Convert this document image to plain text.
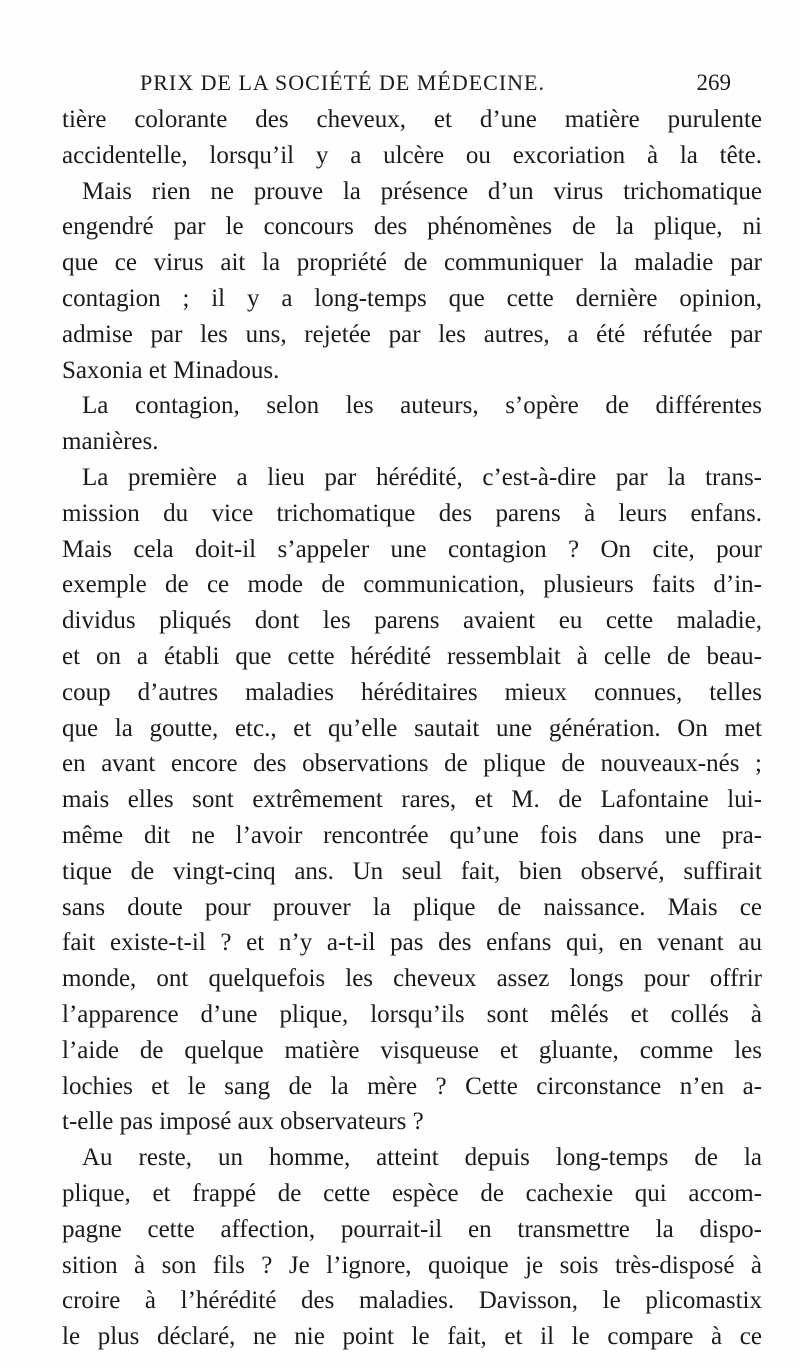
PRIX DE LA SOCIÉTÉ DE MÉDECINE.	269
tière colorante des cheveux, et d’une matière purulente
accidentelle, lorsqu’il y a ulcère ou excoriation à la tête.
Mais rien ne prouve la présence d’un virus trichomatique
engendré par le concours des phénomènes de la plique, ni
que ce virus ait la propriété de communiquer la maladie par
contagion ; il y a long-temps que cette dernière opinion,
admise par les uns, rejetée par les autres, a été réfutée par
Saxonia et Minadous.
La contagion, selon les auteurs, s’opère de différentes
manières.
La première a lieu par hérédité, c’est-à-dire par la trans-
mission du vice trichomatique des parens à leurs enfans.
Mais cela doit-il s’appeler une contagion ? On cite, pour
exemple de ce mode de communication, plusieurs faits d’in-
dividus pliqués dont les parens avaient eu cette maladie,
et on a établi que cette hérédité ressemblait à celle de beau-
coup d’autres maladies héréditaires mieux connues, telles
que la goutte, etc., et qu’elle sautait une génération. On met
en avant encore des observations de plique de nouveaux-nés ;
mais elles sont extrêmement rares, et M. de Lafontaine lui-
même dit ne l’avoir rencontrée qu’une fois dans une pra-
tique de vingt-cinq ans. Un seul fait, bien observé, suffirait
sans doute pour prouver la plique de naissance. Mais ce
fait existe-t-il ? et n’y a-t-il pas des enfans qui, en venant au
monde, ont quelquefois les cheveux assez longs pour offrir
l’apparence d’une plique, lorsqu’ils sont mêlés et collés à
l’aide de quelque matière visqueuse et gluante, comme les
lochies et le sang de la mère ? Cette circonstance n’en a-
t-elle pas imposé aux observateurs ?
Au reste, un homme, atteint depuis long-temps de la
plique, et frappé de cette espèce de cachexie qui accom-
pagne cette affection, pourrait-il en transmettre la dispo-
sition à son fils ? Je l’ignore, quoique je sois très-disposé à
croire à l’hérédité des maladies. Davisson, le plicomastix
le plus déclaré, ne nie point le fait, et il le compare à ce
